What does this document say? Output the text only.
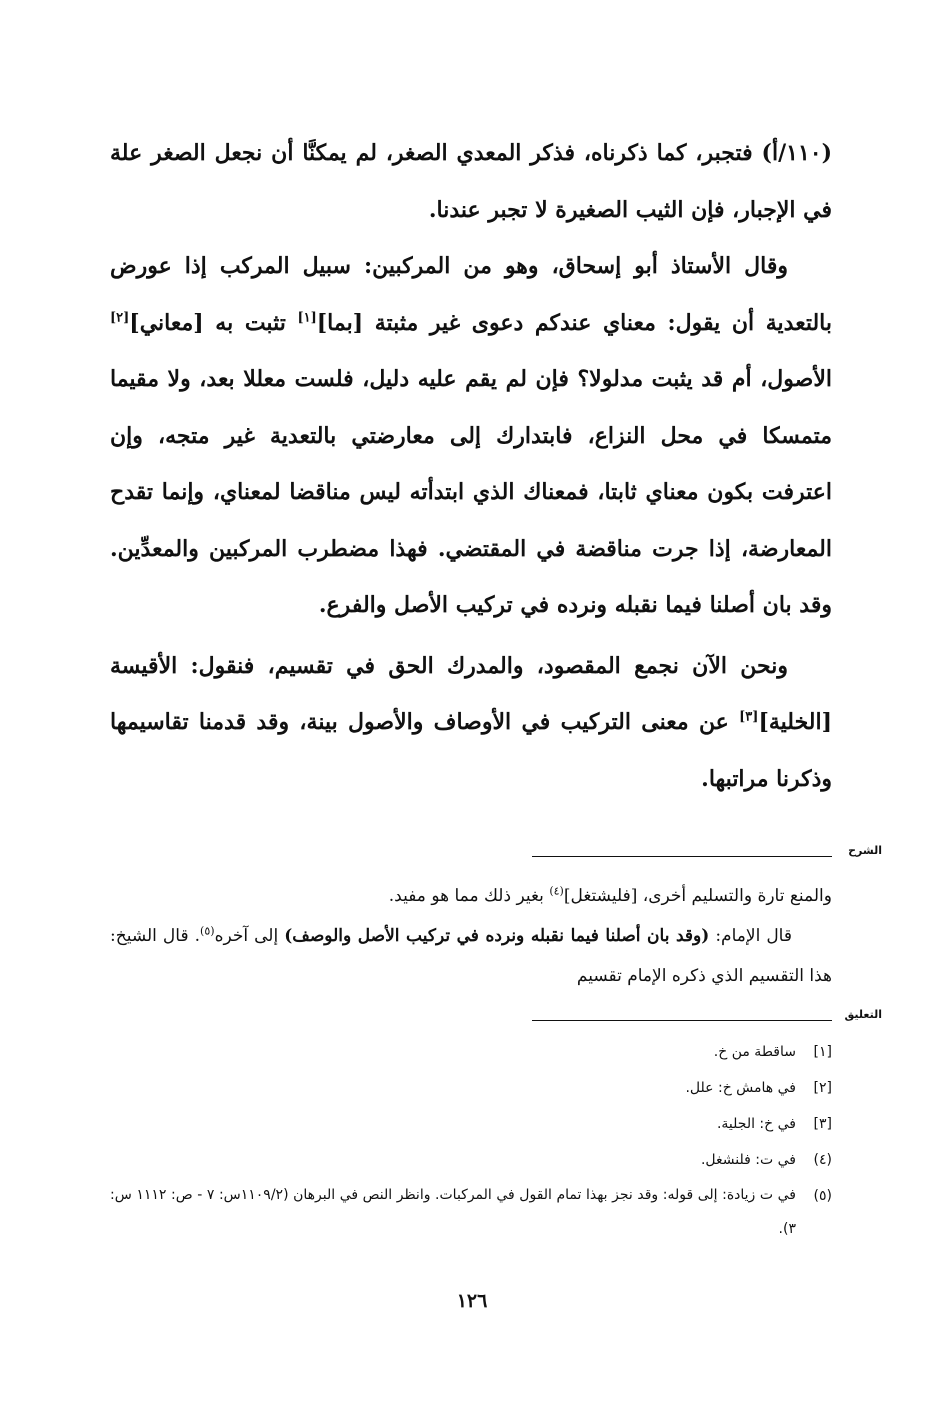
(١١٠/أ) فتجبر، كما ذكرناه، فذكر المعدي الصغر، لم يمكنَّا أن نجعل الصغر علة في الإجبار، فإن الثيب الصغيرة لا تجبر عندنا.

وقال الأستاذ أبو إسحاق، وهو من المركبين: سبيل المركب إذا عورض بالتعدية أن يقول: معناي عندكم دعوى غير مثبتة [بما][١] تثبت به [معاني][٢] الأصول، أم قد يثبت مدلولا؟ فإن لم يقم عليه دليل، فلست معللا بعد، ولا مقيما متمسكا في محل النزاع، فابتدارك إلى معارضتي بالتعدية غير متجه، وإن اعترفت بكون معناي ثابتا، فمعناك الذي ابتدأته ليس مناقضا لمعناي، وإنما تقدح المعارضة، إذا جرت مناقضة في المقتضي. فهذا مضطرب المركبين والمعدِّين. وقد بان أصلنا فيما نقبله ونرده في تركيب الأصل والفرع.

ونحن الآن نجمع المقصود، والمدرك الحق في تقسيم، فنقول: الأقيسة [الخلية][٣] عن معنى التركيب في الأوصاف والأصول بينة، وقد قدمنا تقاسيمها وذكرنا مراتبها.

الشرح

والمنع تارة والتسليم أخرى، [فليشتغل]$^{(٤)}$ بغير ذلك مما هو مفيد.

قال الإمام: (وقد بان أصلنا فيما نقبله ونرده في تركيب الأصل والوصف) إلى آخره$^{(٥)}$. قال الشيخ: هذا التقسيم الذي ذكره الإمام تقسيم

التعليق
[١]
ساقطة من خ.
[٢]
في هامش خ: علل.
[٣]
في خ: الجلية.
(٤)
في ت: فلنشغل.
(٥)
في ت زيادة: إلى قوله: وقد نجز بهذا تمام القول في المركبات. وانظر النص في البرهان (١١٠٩/٢س: ٧ - ص: ١١١٢ س: ٣).
١٢٦
